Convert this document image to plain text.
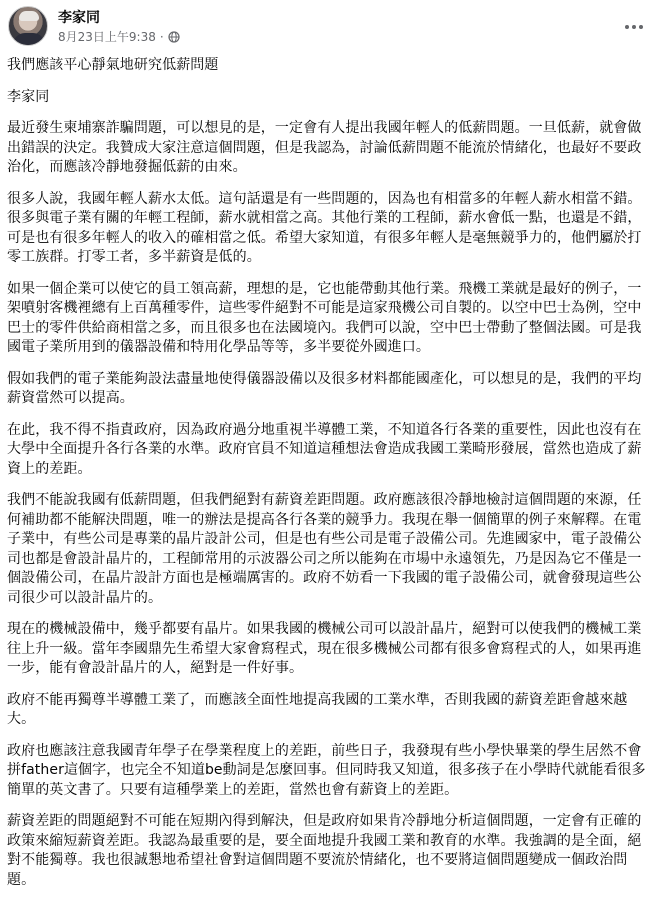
李家同
8月23日上午9:38 ·

我們應該平心靜氣地研究低薪問題

李家同

最近發生柬埔寨詐騙問題，可以想見的是，一定會有人提出我國年輕人的低薪問題。一旦低薪，就會做出錯誤的決定。我贊成大家注意這個問題，但是我認為，討論低薪問題不能流於情緒化，也最好不要政治化，而應該冷靜地發掘低薪的由來。

很多人說，我國年輕人薪水太低。這句話還是有一些問題的，因為也有相當多的年輕人薪水相當不錯。很多與電子業有關的年輕工程師，薪水就相當之高。其他行業的工程師，薪水會低一點，也還是不錯，可是也有很多年輕人的收入的確相當之低。希望大家知道，有很多年輕人是毫無競爭力的，他們屬於打零工族群。打零工者，多半薪資是低的。

如果一個企業可以使它的員工領高薪，理想的是，它也能帶動其他行業。飛機工業就是最好的例子，一架噴射客機裡總有上百萬種零件，這些零件絕對不可能是這家飛機公司自製的。以空中巴士為例，空中巴士的零件供給商相當之多，而且很多也在法國境內。我們可以說，空中巴士帶動了整個法國。可是我國電子業所用到的儀器設備和特用化學品等等，多半要從外國進口。

假如我們的電子業能夠設法盡量地使得儀器設備以及很多材料都能國產化，可以想見的是，我們的平均薪資當然可以提高。

在此，我不得不指責政府，因為政府過分地重視半導體工業，不知道各行各業的重要性，因此也沒有在大學中全面提升各行各業的水準。政府官員不知道這種想法會造成我國工業畸形發展，當然也造成了薪資上的差距。

我們不能說我國有低薪問題，但我們絕對有薪資差距問題。政府應該很冷靜地檢討這個問題的來源，任何補助都不能解決問題，唯一的辦法是提高各行各業的競爭力。我現在舉一個簡單的例子來解釋。在電子業中，有些公司是專業的晶片設計公司，但是也有些公司是電子設備公司。先進國家中，電子設備公司也都是會設計晶片的，工程師常用的示波器公司之所以能夠在市場中永遠領先，乃是因為它不僅是一個設備公司，在晶片設計方面也是極端厲害的。政府不妨看一下我國的電子設備公司，就會發現這些公司很少可以設計晶片的。

現在的機械設備中，幾乎都要有晶片。如果我國的機械公司可以設計晶片，絕對可以使我們的機械工業往上升一級。當年李國鼎先生希望大家會寫程式，現在很多機械公司都有很多會寫程式的人，如果再進一步，能有會設計晶片的人，絕對是一件好事。

政府不能再獨尊半導體工業了，而應該全面性地提高我國的工業水準，否則我國的薪資差距會越來越大。

政府也應該注意我國青年學子在學業程度上的差距，前些日子，我發現有些小學快畢業的學生居然不會拼father這個字，也完全不知道be動詞是怎麼回事。但同時我又知道，很多孩子在小學時代就能看很多簡單的英文書了。只要有這種學業上的差距，當然也會有薪資上的差距。

薪資差距的問題絕對不可能在短期內得到解決，但是政府如果肯冷靜地分析這個問題，一定會有正確的政策來縮短薪資差距。我認為最重要的是，要全面地提升我國工業和教育的水準。我強調的是全面，絕對不能獨尊。我也很誠懇地希望社會對這個問題不要流於情緒化，也不要將這個問題變成一個政治問題。
